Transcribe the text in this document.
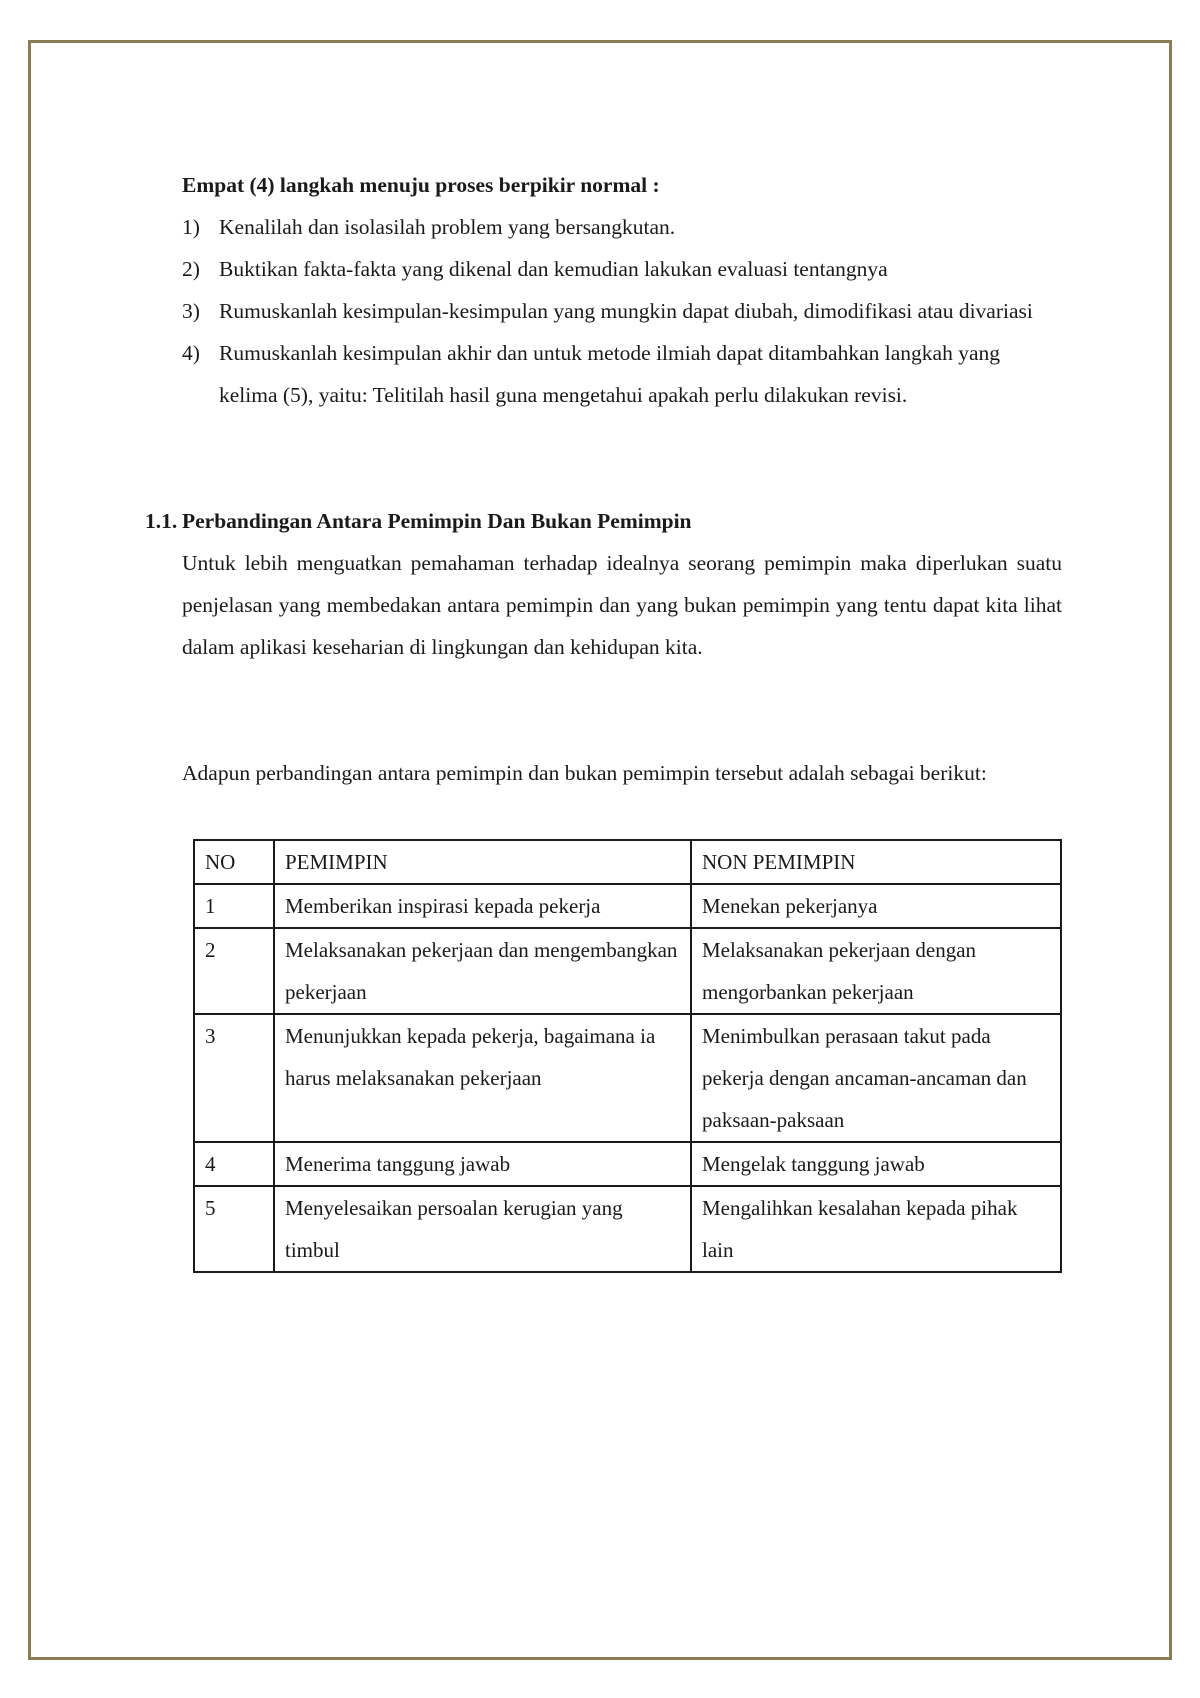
Empat (4) langkah menuju proses berpikir normal :
1) Kenalilah dan isolasilah problem yang bersangkutan.
2) Buktikan fakta-fakta yang dikenal dan kemudian lakukan evaluasi tentangnya
3) Rumuskanlah kesimpulan-kesimpulan yang mungkin dapat diubah, dimodifikasi atau divariasi
4) Rumuskanlah kesimpulan akhir dan untuk metode ilmiah dapat ditambahkan langkah yang kelima (5), yaitu: Telitilah hasil guna mengetahui apakah perlu dilakukan revisi.
1.1. Perbandingan Antara Pemimpin Dan Bukan Pemimpin
Untuk lebih menguatkan pemahaman terhadap idealnya seorang pemimpin maka diperlukan suatu penjelasan yang membedakan antara pemimpin dan yang bukan pemimpin yang tentu dapat kita lihat dalam aplikasi keseharian di lingkungan dan kehidupan kita.
Adapun perbandingan antara pemimpin dan bukan pemimpin tersebut adalah sebagai berikut:
NO	PEMIMPIN	NON PEMIMPIN
1	Memberikan inspirasi kepada pekerja	Menekan pekerjanya
2	Melaksanakan pekerjaan dan mengembangkan pekerjaan	Melaksanakan pekerjaan dengan mengorbankan pekerjaan
3	Menunjukkan kepada pekerja, bagaimana ia harus melaksanakan pekerjaan	Menimbulkan perasaan takut pada pekerja dengan ancaman-ancaman dan paksaan-paksaan
4	Menerima tanggung jawab	Mengelak tanggung jawab
5	Menyelesaikan persoalan kerugian yang timbul	Mengalihkan kesalahan kepada pihak lain
